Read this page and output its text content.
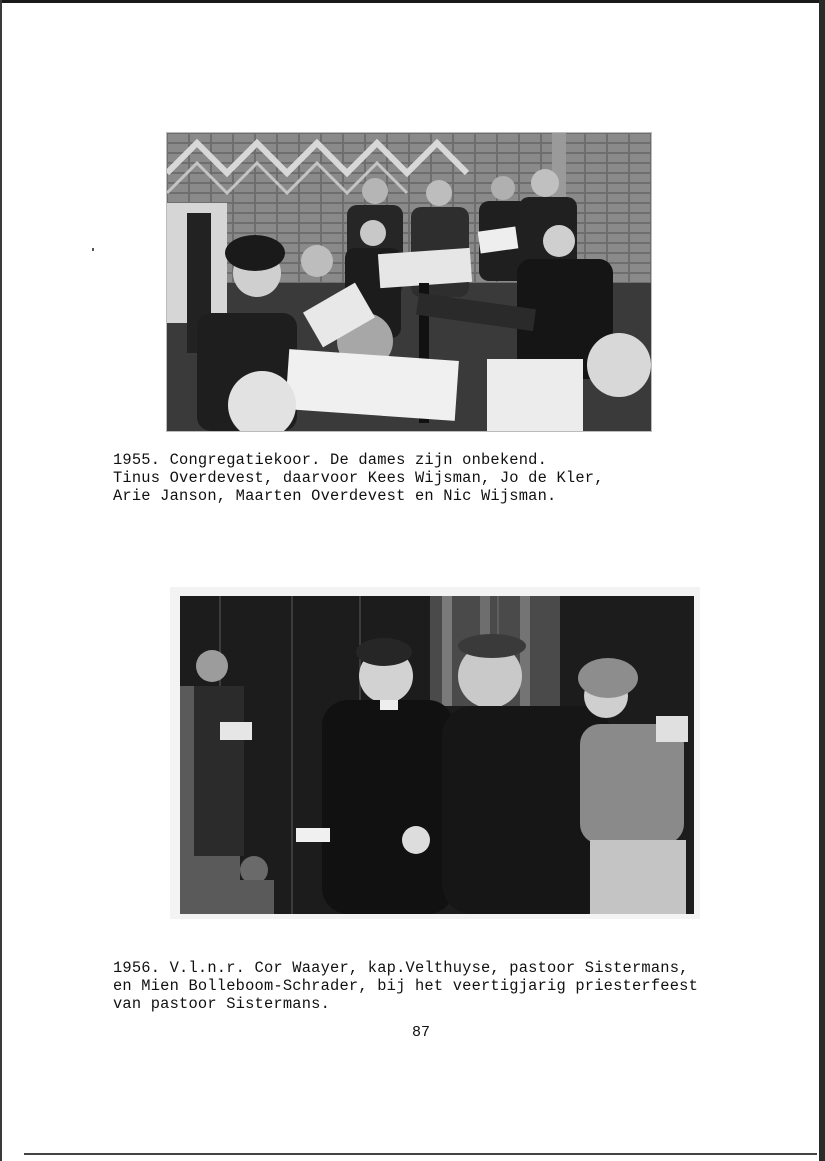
1955. Congregatiekoor. De dames zijn onbekend.
Tinus Overdevest, daarvoor Kees Wijsman, Jo de Kler,
Arie Janson, Maarten Overdevest en Nic Wijsman.
1956. V.l.n.r. Cor Waayer, kap.Velthuyse, pastoor Sistermans,
en Mien Bolleboom-Schrader, bij het veertigjarig priesterfeest
van pastoor Sistermans.
87
